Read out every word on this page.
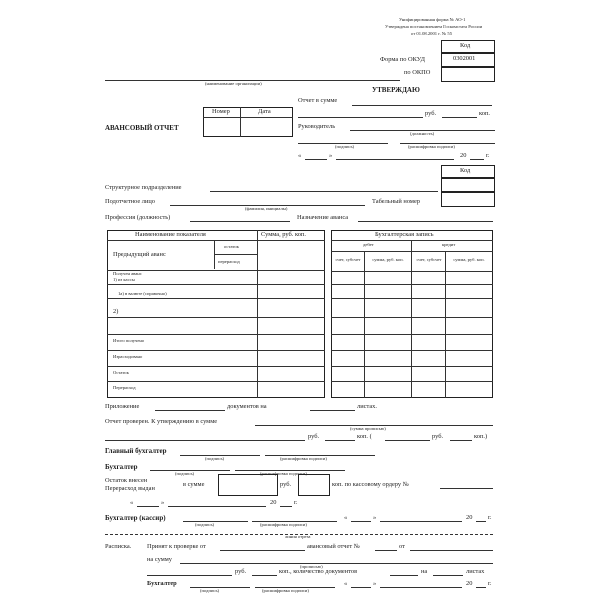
Унифицированная форма № АО-1
Утверждена постановлением Госкомстата России
от 01.08.2001 г. № 55
Код
0302001
Форма по ОКУД
по ОКПО
(наименование организации)
Номер	Дата
АВАНСОВЫЙ ОТЧЕТ
УТВЕРЖДАЮ
Отчет в сумме
руб.	коп.
Руководитель
(должность)
(подпись)	(расшифровка подписи)
«	»	20	г.
Код
Структурное подразделение
Подотчетное лицо
(фамилия, инициалы)
Табельный номер
Профессия (должность)	Назначение аванса
Наименование показателя	Сумма, руб. коп.
Предыдущий аванс
остаток
перерасход
Получен аванс
1) из кассы
1а) в валюте (справочно)
2)
Итого получено
Израсходовано
Остаток
Перерасход
Бухгалтерская запись
дебет	кредит
счет, субсчет	сумма, руб. коп.	счет, субсчет	сумма, руб. коп.
Приложение	документов на	листах.
Отчет проверен. К утверждению в сумме
(сумма прописью)
руб.	коп. (	руб.	коп.)
Главный бухгалтер
(подпись)	(расшифровка подписи)
Бухгалтер
(подпись)	(расшифровка подписи)
Остаток внесен
Перерасход выдан
в сумме	руб.	коп. по кассовому ордеру №
«	»	20	г.
Бухгалтер (кассир)
(подпись)	(расшифровка подписи)
«	»	20 г.
линия отреза
Расписка. Принят к проверке от	авансовый отчет №	от
на сумму
(прописью)
руб.	коп., количество документов	на	листах
Бухгалтер
(подпись)	(расшифровка подписи)
«	»	20 г.
